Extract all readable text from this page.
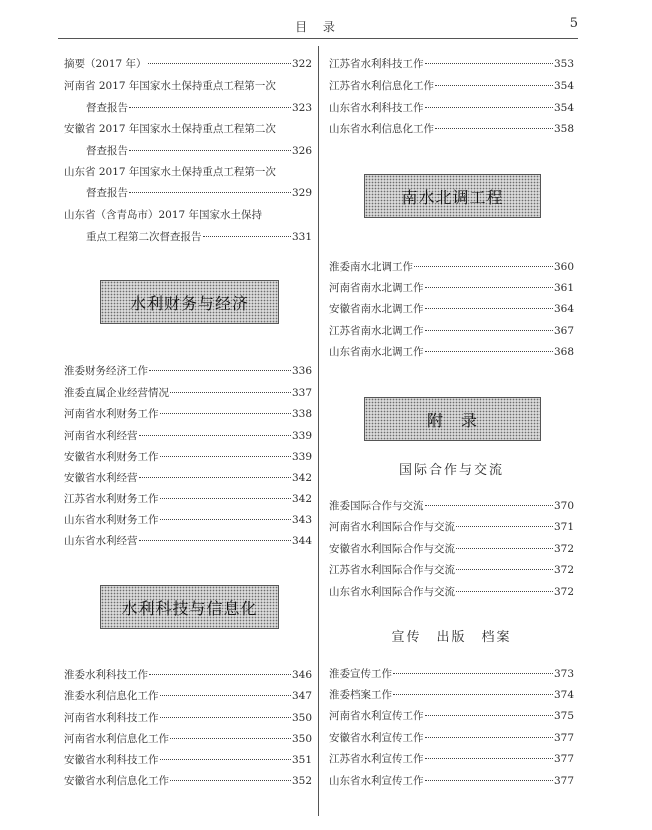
目 录	5
摘要（2017 年）	322
河南省 2017 年国家水土保持重点工程第一次
督查报告	323
安徽省 2017 年国家水土保持重点工程第二次
督查报告	326
山东省 2017 年国家水土保持重点工程第一次
督查报告	329
山东省（含青岛市）2017 年国家水土保持
重点工程第二次督查报告	331
水利财务与经济
淮委财务经济工作	336
淮委直属企业经营情况	337
河南省水利财务工作	338
河南省水利经营	339
安徽省水利财务工作	339
安徽省水利经营	342
江苏省水利财务工作	342
山东省水利财务工作	343
山东省水利经营	344
水利科技与信息化
淮委水利科技工作	346
淮委水利信息化工作	347
河南省水利科技工作	350
河南省水利信息化工作	350
安徽省水利科技工作	351
安徽省水利信息化工作	352
江苏省水利科技工作	353
江苏省水利信息化工作	354
山东省水利科技工作	354
山东省水利信息化工作	358
南水北调工程
淮委南水北调工作	360
河南省南水北调工作	361
安徽省南水北调工作	364
江苏省南水北调工作	367
山东省南水北调工作	368
附　录
国际合作与交流
淮委国际合作与交流	370
河南省水利国际合作与交流	371
安徽省水利国际合作与交流	372
江苏省水利国际合作与交流	372
山东省水利国际合作与交流	372
宣传　出版　档案
淮委宣传工作	373
淮委档案工作	374
河南省水利宣传工作	375
安徽省水利宣传工作	377
江苏省水利宣传工作	377
山东省水利宣传工作	377
